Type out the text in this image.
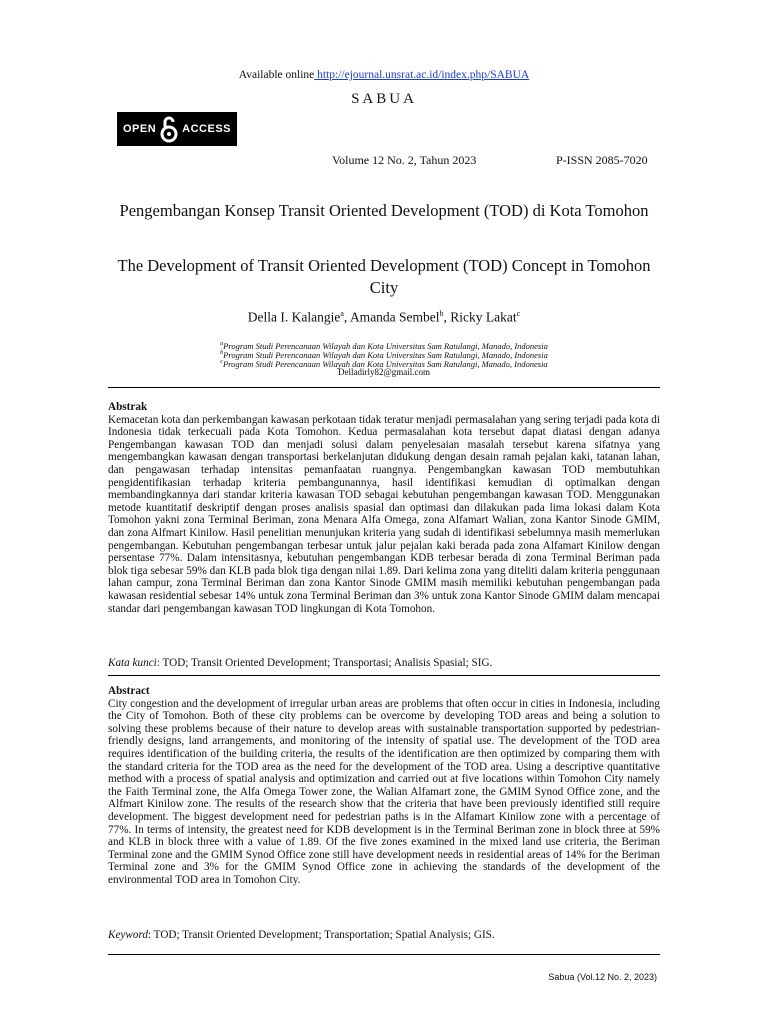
Available online http://ejournal.unsrat.ac.id/index.php/SABUA
SABUA
OPEN ACCESS
Volume 12 No. 2, Tahun 2023	P-ISSN 2085-7020
Pengembangan Konsep Transit Oriented Development (TOD) di Kota Tomohon
The Development of Transit Oriented Development (TOD) Concept in Tomohon City
Della I. Kalangie$^a$, Amanda Sembel$^b$, Ricky Lakat$^c$
$^a$Program Studi Perencanaan Wilayah dan Kota Universitas Sam Ratulangi, Manado, Indonesia
$^b$Program Studi Perencanaan Wilayah dan Kota Universitas Sam Ratulangi, Manado, Indonesia
$^c$Program Studi Perencanaan Wilayah dan Kota Universitas Sam Ratulangi, Manado, Indonesia
Delladirly82@gmail.com
Abstrak
Kemacetan kota dan perkembangan kawasan perkotaan tidak teratur menjadi permasalahan yang sering terjadi pada kota di Indonesia tidak terkecuali pada Kota Tomohon. Kedua permasalahan kota tersebut dapat diatasi dengan adanya Pengembangan kawasan TOD dan menjadi solusi dalam penyelesaian masalah tersebut karena sifatnya yang mengembangkan kawasan dengan transportasi berkelanjutan didukung dengan desain ramah pejalan kaki, tatanan lahan, dan pengawasan terhadap intensitas pemanfaatan ruangnya. Pengembangkan kawasan TOD membutuhkan pengidentifikasian terhadap kriteria pembangunannya, hasil identifikasi kemudian di optimalkan dengan membandingkannya dari standar kriteria kawasan TOD sebagai kebutuhan pengembangan kawasan TOD. Menggunakan metode kuantitatif deskriptif dengan proses analisis spasial dan optimasi dan dilakukan pada lima lokasi dalam Kota Tomohon yakni zona Terminal Beriman, zona Menara Alfa Omega, zona Alfamart Walian, zona Kantor Sinode GMIM, dan zona Alfmart Kinilow. Hasil penelitian menunjukan kriteria yang sudah di identifikasi sebelumnya masih memerlukan pengembangan. Kebutuhan pengembangan terbesar untuk jalur pejalan kaki berada pada zona Alfamart Kinilow dengan persentase 77%. Dalam intensitasnya, kebutuhan pengembangan KDB terbesar berada di zona Terminal Beriman pada blok tiga sebesar 59% dan KLB pada blok tiga dengan nilai 1.89. Dari kelima zona yang diteliti dalam kriteria penggunaan lahan campur, zona Terminal Beriman dan zona Kantor Sinode GMIM masih memiliki kebutuhan pengembangan pada kawasan residential sebesar 14% untuk zona Terminal Beriman dan 3% untuk zona Kantor Sinode GMIM dalam mencapai standar dari pengembangan kawasan TOD lingkungan di Kota Tomohon.
Kata kunci: TOD; Transit Oriented Development; Transportasi; Analisis Spasial; SIG.
Abstract
City congestion and the development of irregular urban areas are problems that often occur in cities in Indonesia, including the City of Tomohon. Both of these city problems can be overcome by developing TOD areas and being a solution to solving these problems because of their nature to develop areas with sustainable transportation supported by pedestrian-friendly designs, land arrangements, and monitoring of the intensity of spatial use. The development of the TOD area requires identification of the building criteria, the results of the identification are then optimized by comparing them with the standard criteria for the TOD area as the need for the development of the TOD area. Using a descriptive quantitative method with a process of spatial analysis and optimization and carried out at five locations within Tomohon City namely the Faith Terminal zone, the Alfa Omega Tower zone, the Walian Alfamart zone, the GMIM Synod Office zone, and the Alfmart Kinilow zone. The results of the research show that the criteria that have been previously identified still require development. The biggest development need for pedestrian paths is in the Alfamart Kinilow zone with a percentage of 77%. In terms of intensity, the greatest need for KDB development is in the Terminal Beriman zone in block three at 59% and KLB in block three with a value of 1.89. Of the five zones examined in the mixed land use criteria, the Beriman Terminal zone and the GMIM Synod Office zone still have development needs in residential areas of 14% for the Beriman Terminal zone and 3% for the GMIM Synod Office zone in achieving the standards of the development of the environmental TOD area in Tomohon City.
Keyword: TOD; Transit Oriented Development; Transportation; Spatial Analysis; GIS.
Sabua (Vol.12 No. 2, 2023)
